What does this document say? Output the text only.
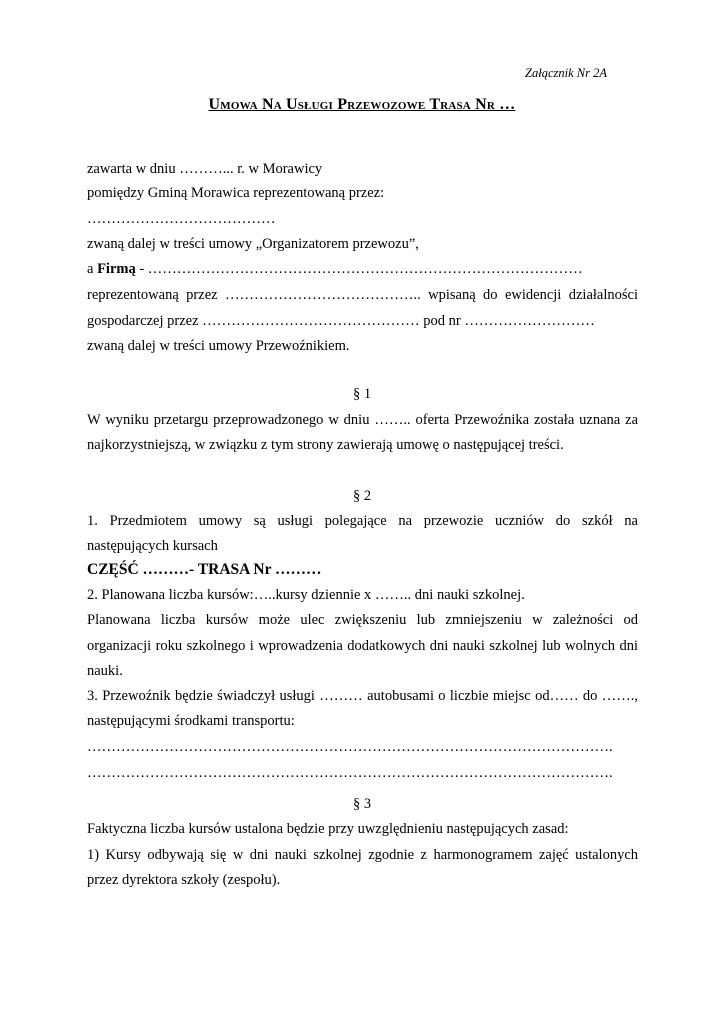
Załącznik Nr 2A
Umowa Na Usługi Przewozowe Trasa Nr …
zawarta w dniu ………... r. w Morawicy
pomiędzy Gminą Morawica reprezentowaną przez:
…………………………………
zwaną dalej w treści umowy „Organizatorem przewozu”,
a Firmą - ………………………………………………………………………………
reprezentowaną przez ………………………………….. wpisaną do ewidencji działalności
gospodarczej przez ……………………………………… pod nr ………………………
zwaną dalej w treści umowy Przewoźnikiem.
§ 1
W wyniku przetargu przeprowadzonego w dniu …….. oferta Przewoźnika została uznana za
najkorzystniejszą, w związku z tym strony zawierają umowę o następującej treści.
§ 2
1. Przedmiotem umowy są usługi polegające na przewozie uczniów do szkół na
następujących kursach
CZĘŚĆ ………- TRASA Nr ………
2. Planowana liczba kursów:…..kursy dziennie x …….. dni nauki szkolnej.
Planowana liczba kursów może ulec zwiększeniu lub zmniejszeniu w zależności od
organizacji roku szkolnego i wprowadzenia dodatkowych dni nauki szkolnej lub wolnych dni
nauki.
3. Przewoźnik będzie świadczył usługi ……… autobusami o liczbie miejsc od…… do …….,
następującymi środkami transportu:
……………………………………………………………………………………………….
……………………………………………………………………………………………….
§ 3
Faktyczna liczba kursów ustalona będzie przy uwzględnieniu następujących zasad:
1) Kursy odbywają się w dni nauki szkolnej zgodnie z harmonogramem zajęć ustalonych
przez dyrektora szkoły (zespołu).
